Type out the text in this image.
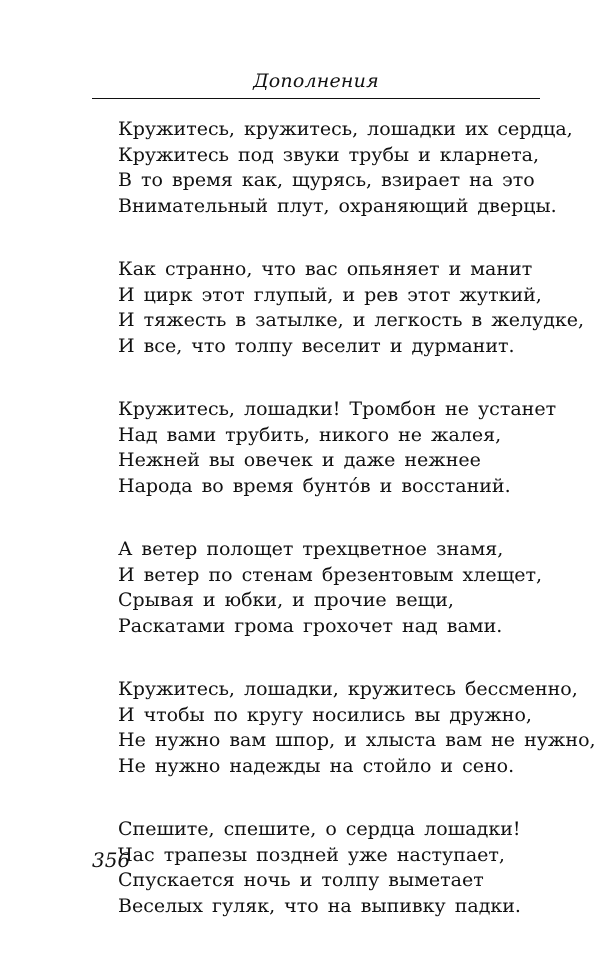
Дополнения
Кружитесь, кружитесь, лошадки их сердца,
Кружитесь под звуки трубы и кларнета,
В то время как, щурясь, взирает на это
Внимательный плут, охраняющий дверцы.
Как странно, что вас опьяняет и манит
И цирк этот глупый, и рев этот жуткий,
И тяжесть в затылке, и легкость в желудке,
И все, что толпу веселит и дурманит.
Кружитесь, лошадки! Тромбон не устанет
Над вами трубить, никого не жалея,
Нежней вы овечек и даже нежнее
Народа во время бунто́в и восстаний.
А ветер полощет трехцветное знамя,
И ветер по стенам брезентовым хлещет,
Срывая и юбки, и прочие вещи,
Раскатами грома грохочет над вами.
Кружитесь, лошадки, кружитесь бессменно,
И чтобы по кругу носились вы дружно,
Не нужно вам шпор, и хлыста вам не нужно,
Не нужно надежды на стойло и сено.
Спешите, спешите, о сердца лошадки!
Час трапезы поздней уже наступает,
Спускается ночь и толпу выметает
Веселых гуляк, что на выпивку падки.
356
